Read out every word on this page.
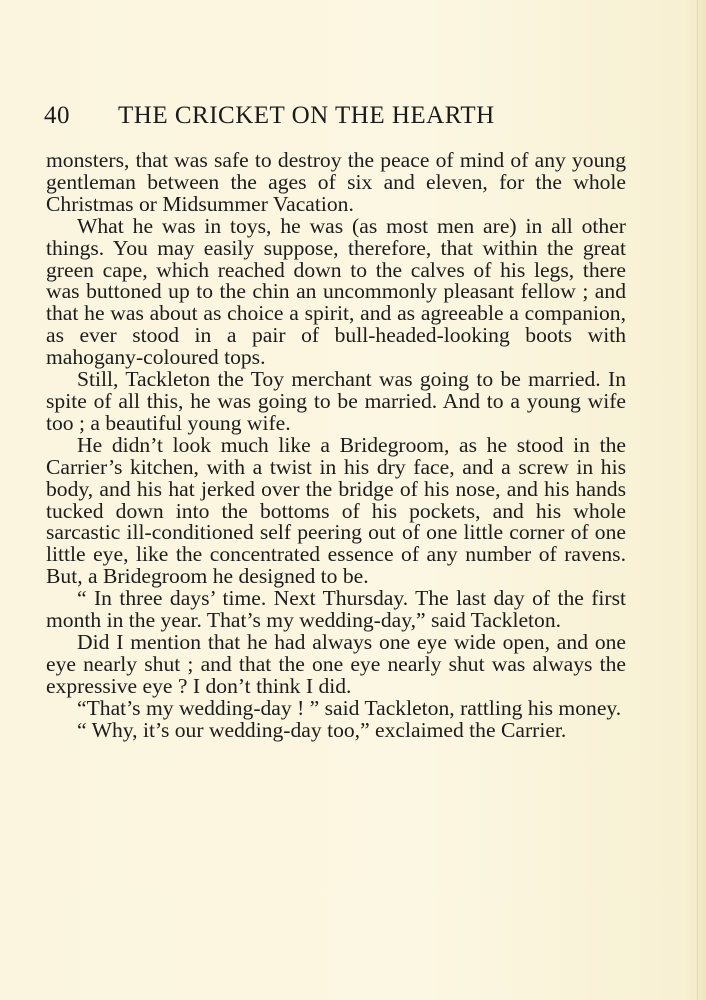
40 THE CRICKET ON THE HEARTH

monsters, that was safe to destroy the peace of mind of any young gentleman between the ages of six and eleven, for the whole Christmas or Midsummer Vacation.

What he was in toys, he was (as most men are) in all other things. You may easily suppose, therefore, that within the great green cape, which reached down to the calves of his legs, there was buttoned up to the chin an uncommonly pleasant fellow ; and that he was about as choice a spirit, and as agreeable a companion, as ever stood in a pair of bull-headed-looking boots with mahogany-coloured tops.

Still, Tackleton the Toy merchant was going to be married. In spite of all this, he was going to be married. And to a young wife too ; a beautiful young wife.

He didn’t look much like a Bridegroom, as he stood in the Carrier’s kitchen, with a twist in his dry face, and a screw in his body, and his hat jerked over the bridge of his nose, and his hands tucked down into the bottoms of his pockets, and his whole sarcastic ill-conditioned self peering out of one little corner of one little eye, like the concentrated essence of any number of ravens. But, a Bridegroom he designed to be.

“ In three days’ time. Next Thursday. The last day of the first month in the year. That’s my wedding-day,” said Tackleton.

Did I mention that he had always one eye wide open, and one eye nearly shut ; and that the one eye nearly shut was always the expressive eye ? I don’t think I did.

“That’s my wedding-day ! ” said Tackleton, rattling his money.

“ Why, it’s our wedding-day too,” exclaimed the Carrier.
